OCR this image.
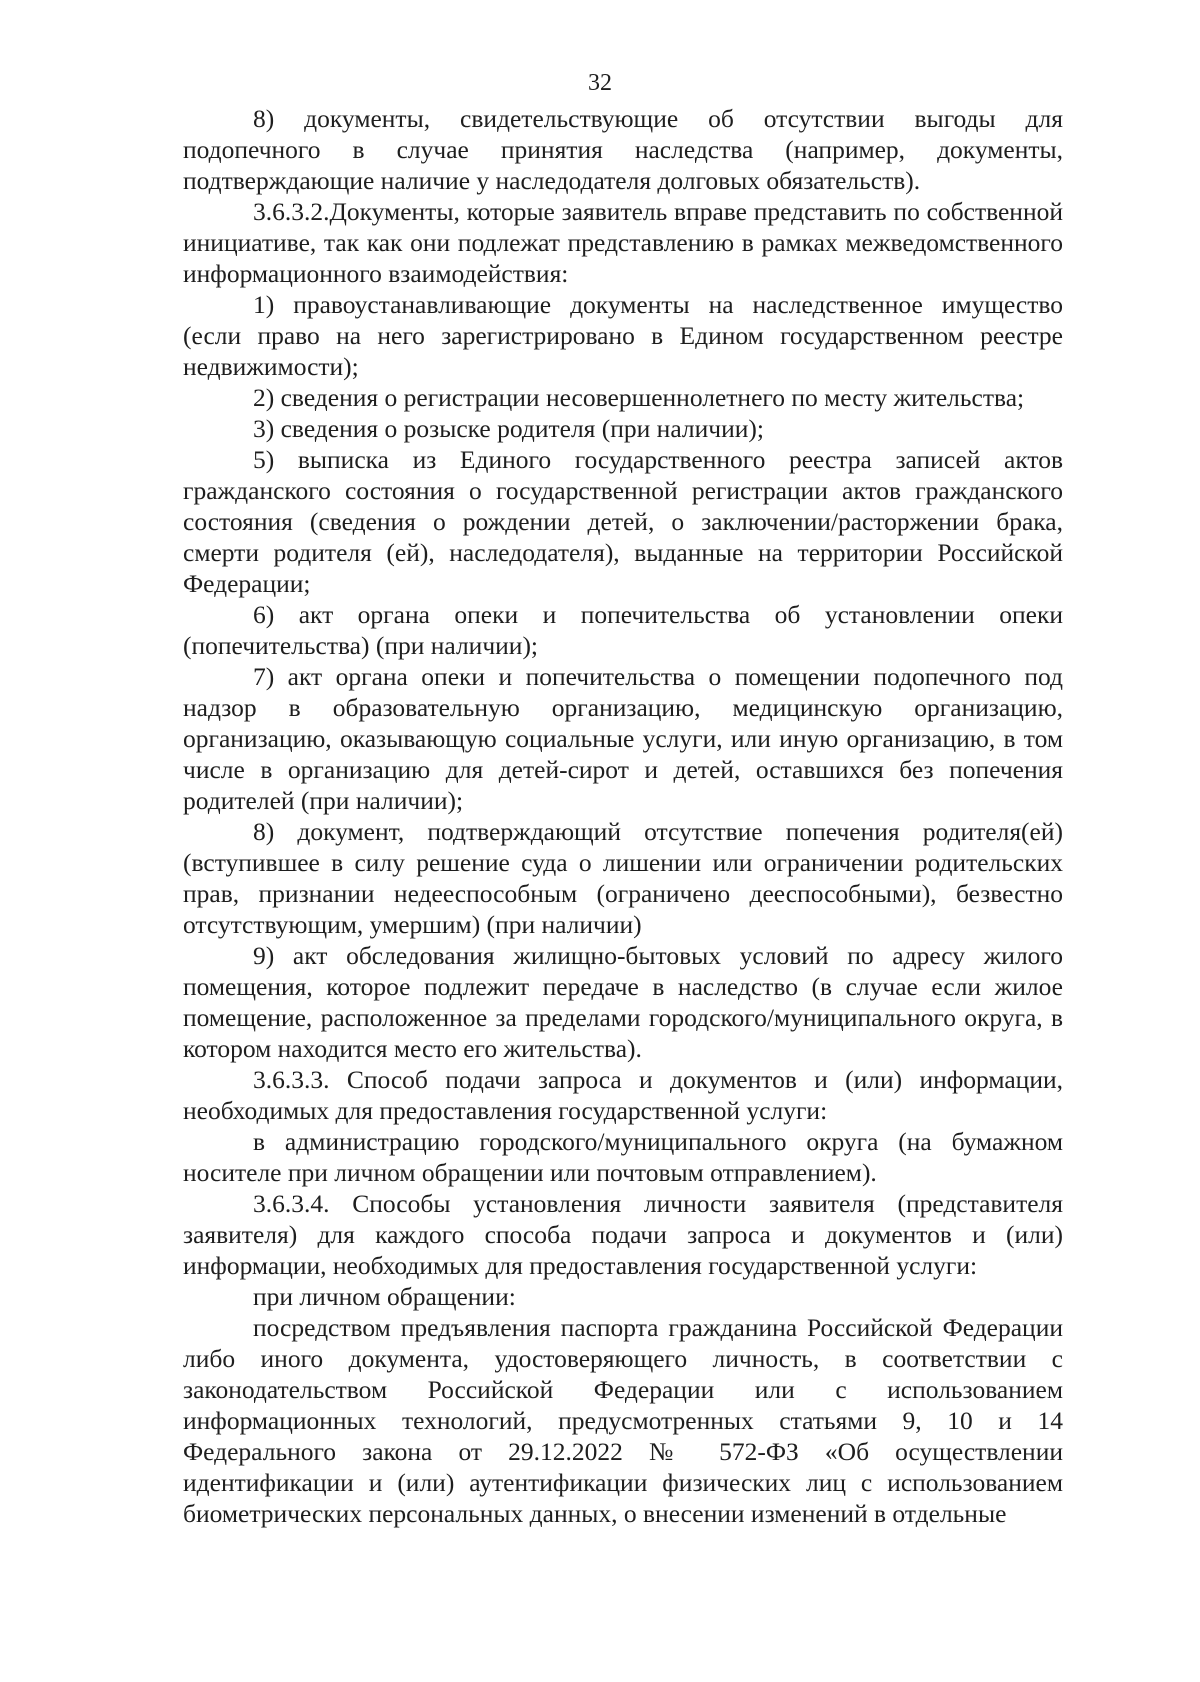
32

8) документы, свидетельствующие об отсутствии выгоды для подопечного в случае принятия наследства (например, документы, подтверждающие наличие у наследодателя долговых обязательств).

3.6.3.2.Документы, которые заявитель вправе представить по собственной инициативе, так как они подлежат представлению в рамках межведомственного информационного взаимодействия:

1) правоустанавливающие документы на наследственное имущество (если право на него зарегистрировано в Едином государственном реестре недвижимости);

2) сведения о регистрации несовершеннолетнего по месту жительства;

3) сведения о розыске родителя (при наличии);

5) выписка из Единого государственного реестра записей актов гражданского состояния о государственной регистрации актов гражданского состояния (сведения о рождении детей, о заключении/расторжении брака, смерти родителя (ей), наследодателя), выданные на территории Российской Федерации;

6) акт органа опеки и попечительства об установлении опеки (попечительства) (при наличии);

7) акт органа опеки и попечительства о помещении подопечного под надзор в образовательную организацию, медицинскую организацию, организацию, оказывающую социальные услуги, или иную организацию, в том числе в организацию для детей-сирот и детей, оставшихся без попечения родителей (при наличии);

8) документ, подтверждающий отсутствие попечения родителя(ей) (вступившее в силу решение суда о лишении или ограничении родительских прав, признании недееспособным (ограничено дееспособными), безвестно отсутствующим, умершим) (при наличии)

9) акт обследования жилищно-бытовых условий по адресу жилого помещения, которое подлежит передаче в наследство (в случае если жилое помещение, расположенное за пределами городского/муниципального округа, в котором находится место его жительства).

3.6.3.3. Способ подачи запроса и документов и (или) информации, необходимых для предоставления государственной услуги:

в администрацию городского/муниципального округа (на бумажном носителе при личном обращении или почтовым отправлением).

3.6.3.4. Способы установления личности заявителя (представителя заявителя) для каждого способа подачи запроса и документов и (или) информации, необходимых для предоставления государственной услуги:

при личном обращении:

посредством предъявления паспорта гражданина Российской Федерации либо иного документа, удостоверяющего личность, в соответствии с законодательством Российской Федерации или с использованием информационных технологий, предусмотренных статьями 9, 10 и 14 Федерального закона от 29.12.2022 № 572-ФЗ «Об осуществлении идентификации и (или) аутентификации физических лиц с использованием биометрических персональных данных, о внесении изменений в отдельные
